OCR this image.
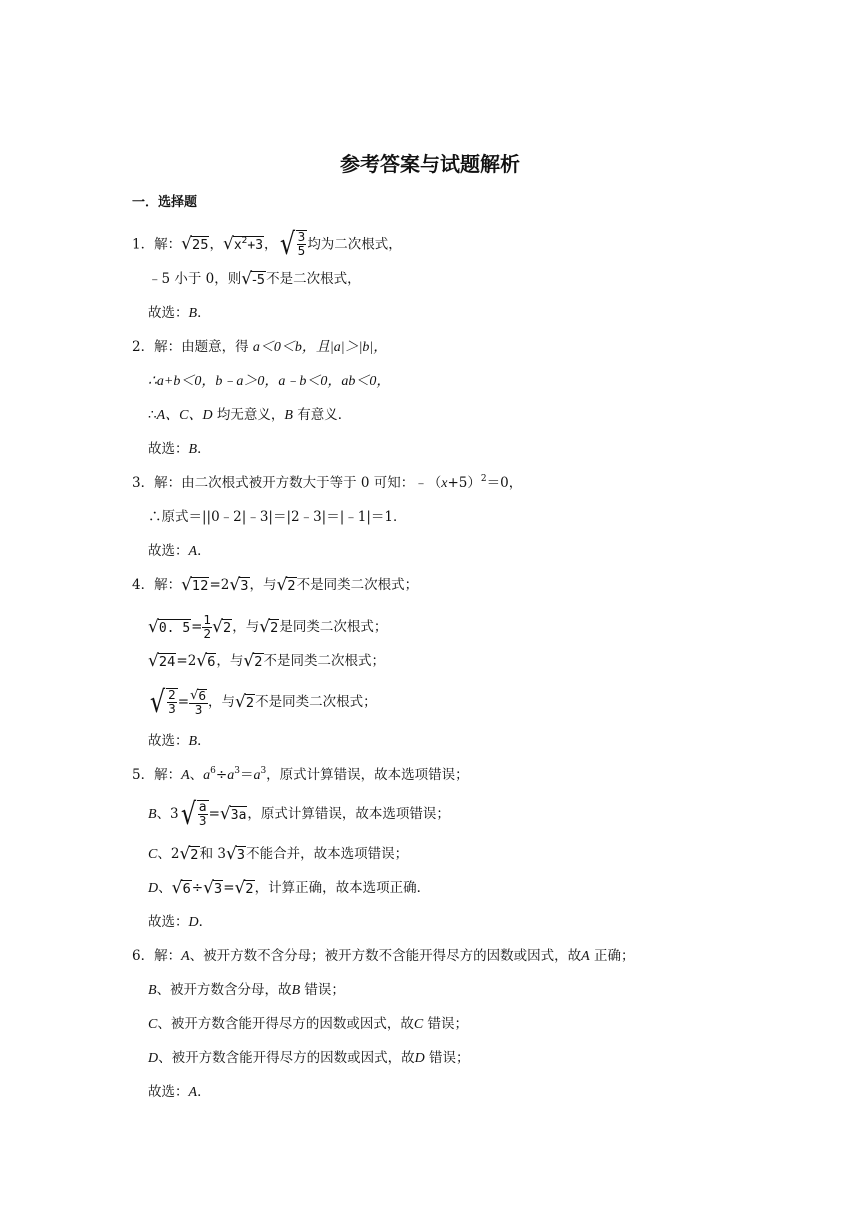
参考答案与试题解析
一．选择题
1．解： √ 25 ， √ $x^2+3$ ， √ $\frac{3}{5}$ 均为二次根式，
﹣5 小于 0，则 √ -5 不是二次根式，
故选：B．
2．解：由题意，得 a＜0＜b，且|a|＞|b|，
∴a+b＜0，b﹣a＞0，a﹣b＜0，ab＜0，
∴A、C、D 均无意义，B 有意义．
故选：B．
3．解：由二次根式被开方数大于等于 0 可知：$﹣(x+5)^2=0$，
∴原式＝||0﹣2|﹣3|＝|2﹣3|＝|﹣1|＝1．
故选：A．
4．解： √ 12 =2 √ 3 ，与 √ 2 不是同类二次根式；
√ 0. $5 = \frac{1}{2}$ √ 2 ，与 √ 2 是同类二次根式；
√ 24 =2 √ 6 ，与 √ 2 不是同类二次根式；
√ $\frac{2}{3} = \frac{√ 6}{3}$ ，与 √ 2 不是同类二次根式；
故选：B．
5．解：A、$a^6\div a^3=a^3$，原式计算错误，故本选项错误；
B、3 √ $\frac{a}{3}$ = √ 3a ，原式计算错误，故本选项错误；
C、2 √ 2 和 3 √ 3 不能合并，故本选项错误；
D、 √ 6 ÷ √ 3 = √ 2 ，计算正确，故本选项正确．
故选：D．
6．解：A、被开方数不含分母；被开方数不含能开得尽方的因数或因式，故A 正确；
B、被开方数含分母，故B 错误；
C、被开方数含能开得尽方的因数或因式，故C 错误；
D、被开方数含能开得尽方的因数或因式，故D 错误；
故选：A．
